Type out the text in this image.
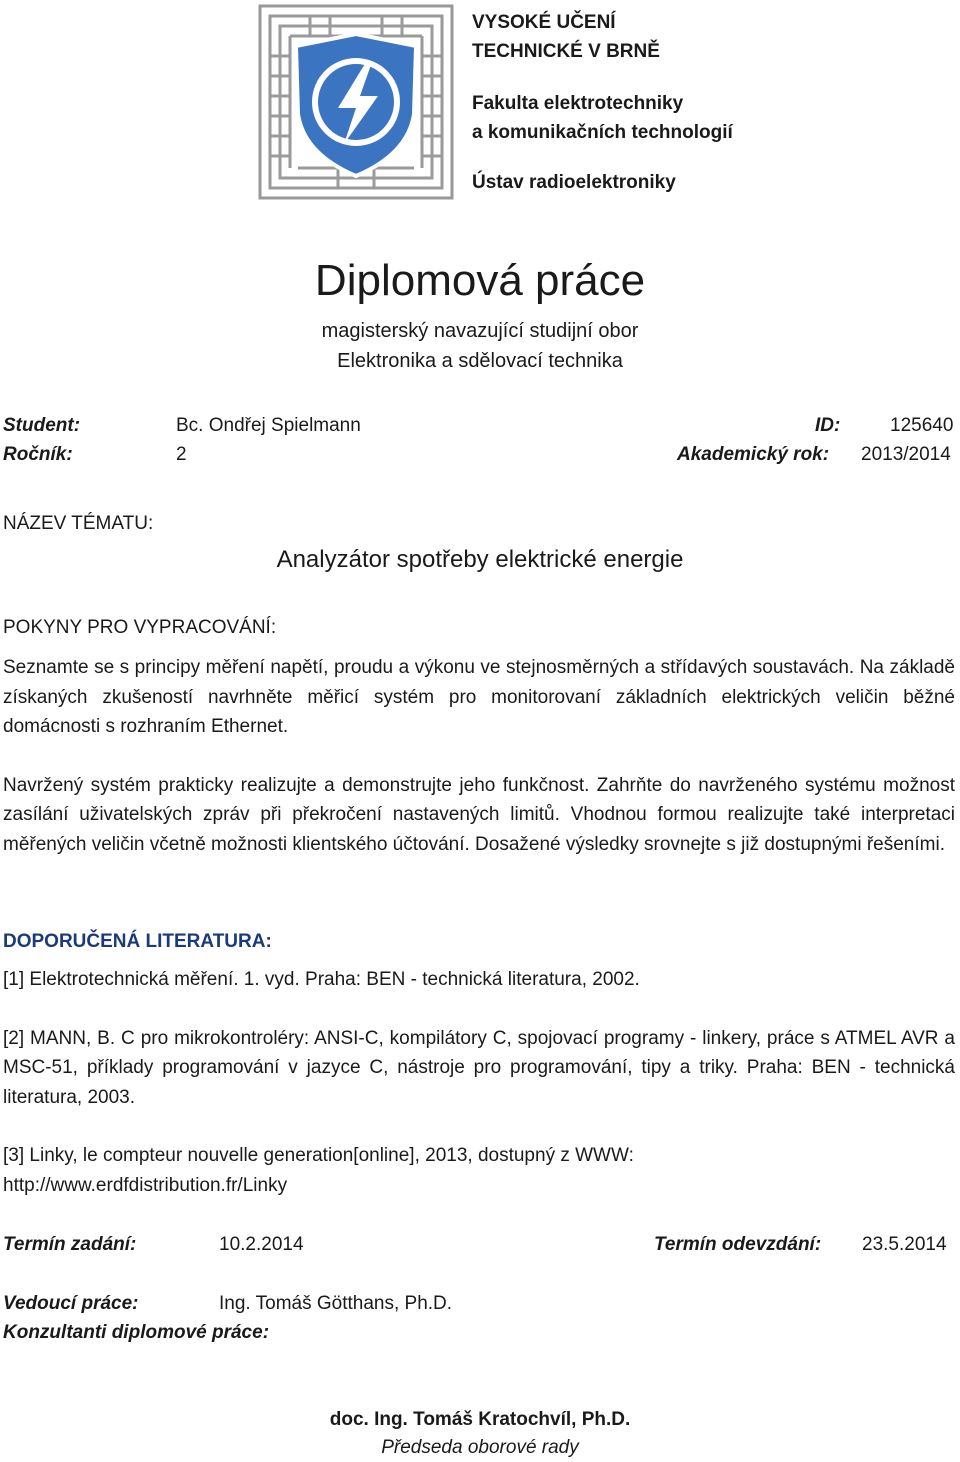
VYSOKÉ UČENÍ
TECHNICKÉ V BRNĚ
Fakulta elektrotechniky
a komunikačních technologií
Ústav radioelektroniky
Diplomová práce
magisterský navazující studijní obor
Elektronika a sdělovací technika
Student:	Bc. Ondřej Spielmann	ID:	125640
Ročník:	2	Akademický rok: 2013/2014
NÁZEV TÉMATU:
Analyzátor spotřeby elektrické energie
POKYNY PRO VYPRACOVÁNÍ:

Seznamte se s principy měření napětí, proudu a výkonu ve stejnosměrných a střídavých soustavách. Na základě získaných zkušeností navrhněte měřicí systém pro monitorovaní základních elektrických veličin běžné domácnosti s rozhraním Ethernet.

Navržený systém prakticky realizujte a demonstrujte jeho funkčnost. Zahrňte do navrženého systému možnost zasílání uživatelských zpráv při překročení nastavených limitů. Vhodnou formou realizujte také interpretaci měřených veličin včetně možnosti klientského účtování. Dosažené výsledky srovnejte s již dostupnými řešeními.

DOPORUČENÁ LITERATURA:

[1] Elektrotechnická měření. 1. vyd. Praha: BEN - technická literatura, 2002.

[2] MANN, B. C pro mikrokontroléry: ANSI-C, kompilátory C, spojovací programy - linkery, práce s ATMEL AVR a MSC-51, příklady programování v jazyce C, nástroje pro programování, tipy a triky. Praha: BEN - technická literatura, 2003.

[3] Linky, le compteur nouvelle generation[online], 2013, dostupný z WWW: http://www.erdfdistribution.fr/Linky

Termín zadání:	10.2.2014	Termín odevzdání: 23.5.2014
Vedoucí práce:	Ing. Tomáš Götthans, Ph.D.
Konzultanti diplomové práce:
doc. Ing. Tomáš Kratochvíl, Ph.D.
Předseda oborové rady
